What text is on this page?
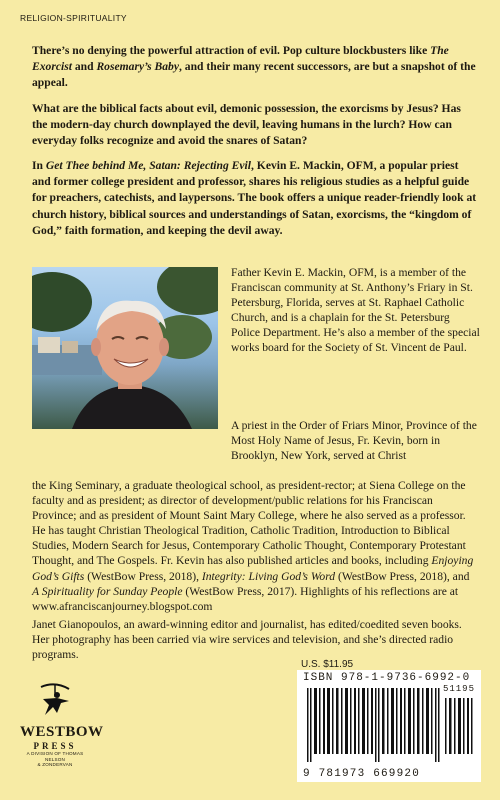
RELIGION-SPIRITUALITY

There’s no denying the powerful attraction of evil. Pop culture blockbusters like The Exorcist and Rosemary’s Baby, and their many recent successors, are but a snapshot of the appeal.

What are the biblical facts about evil, demonic possession, the exorcisms by Jesus? Has the modern-day church downplayed the devil, leaving humans in the lurch? How can everyday folks recognize and avoid the snares of Satan?

In Get Thee behind Me, Satan: Rejecting Evil, Kevin E. Mackin, OFM, a popular priest and former college president and professor, shares his religious studies as a helpful guide for preachers, catechists, and laypersons. The book offers a unique reader-friendly look at church history, biblical sources and understandings of Satan, exorcisms, the “kingdom of God,” faith formation, and keeping the devil away.

Father Kevin E. Mackin, OFM, is a member of the Franciscan community at St. Anthony’s Friary in St. Petersburg, Florida, serves at St. Raphael Catholic Church, and is a chaplain for the St. Petersburg Police Department. He’s also a member of the special works board for the Society of St. Vincent de Paul.

A priest in the Order of Friars Minor, Province of the Most Holy Name of Jesus, Fr. Kevin, born in Brooklyn, New York, served at Christ

the King Seminary, a graduate theological school, as president-rector; at Siena College on the faculty and as president; as director of development/public relations for his Franciscan Province; and as president of Mount Saint Mary College, where he also served as a professor. He has taught Christian Theological Tradition, Catholic Tradition, Introduction to Biblical Studies, Modern Search for Jesus, Contemporary Catholic Thought, Contemporary Protestant Thought, and The Gospels. Fr. Kevin has also published articles and books, including Enjoying God’s Gifts (WestBow Press, 2018), Integrity: Living God’s Word (WestBow Press, 2018), and A Spirituality for Sunday People (WestBow Press, 2017). Highlights of his reflections are at www.afranciscanjourney.blogspot.com

Janet Gianopoulos, an award-winning editor and journalist, has edited/coedited seven books. Her photography has been carried via wire services and television, and she’s directed radio programs.

U.S. $11.95
ISBN 978-1-9736-6992-0
51195
9 781973 669920
WESTBOW
PRESS
A DIVISION OF THOMAS NELSON
& ZONDERVAN
